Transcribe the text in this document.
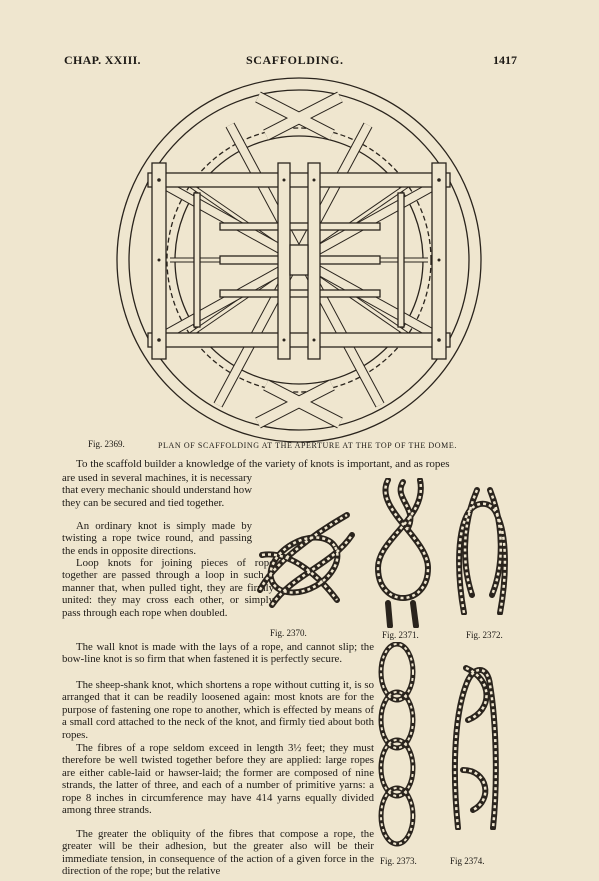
CHAP. XXIII.	SCAFFOLDING.	1417
Fig. 2369.	PLAN OF SCAFFOLDING AT THE APERTURE AT THE TOP OF THE DOME.

To the scaffold builder a knowledge of the variety of knots is important, and as ropes

are used in several machines, it is necessary that every mechanic should understand how they can be secured and tied together.

An ordinary knot is simply made by twisting a rope twice round, and passing the ends in opposite directions.

Loop knots for joining pieces of rope together are passed through a loop in such a manner that, when pulled tight, they are firmly united: they may cross each other, or simply pass through each rope when doubled.

The wall knot is made with the lays of a rope, and cannot slip; the bow-line knot is so firm that when fastened it is perfectly secure.

The sheep-shank knot, which shortens a rope without cutting it, is so arranged that it can be readily loosened again: most knots are for the purpose of fastening one rope to another, which is effected by means of a small cord attached to the neck of the knot, and firmly tied about both ropes.

The fibres of a rope seldom exceed in length 3½ feet; they must therefore be well twisted together before they are applied: large ropes are either cable-laid or hawser-laid; the former are composed of nine strands, the latter of three, and each of a number of primitive yarns: a rope 8 inches in circumference may have 414 yarns equally divided among three strands.

The greater the obliquity of the fibres that compose a rope, the greater will be their adhesion, but the greater also will be their immediate tension, in consequence of the action of a given force in the direction of the rope; but the relative

Fig. 2370.	Fig. 2371.	Fig. 2372.
Fig. 2373.	Fig 2374.
